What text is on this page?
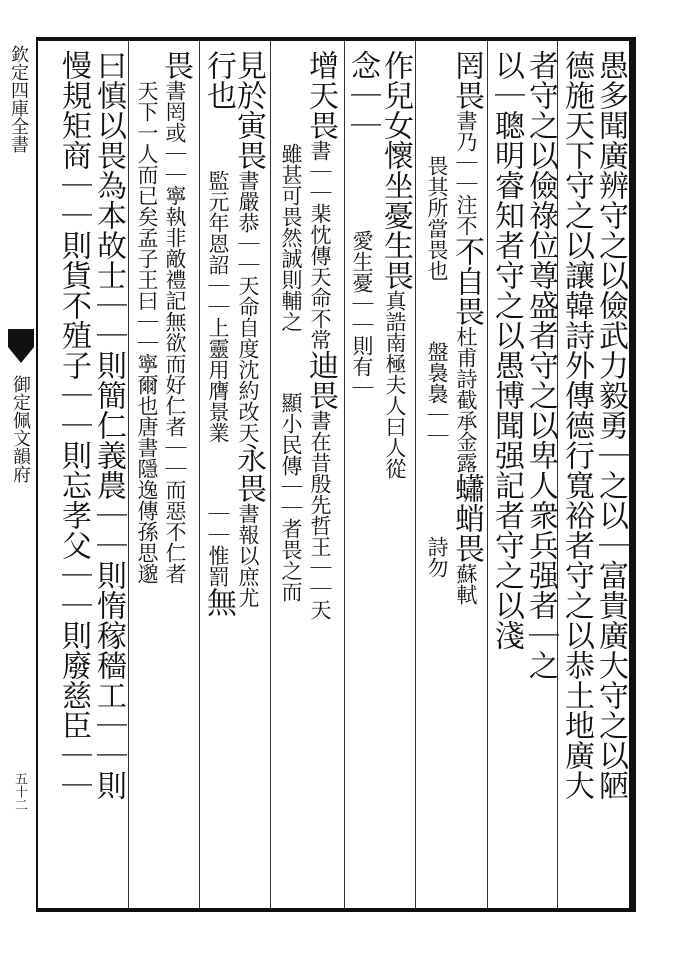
欽定四庫全書
御定佩文韻府
五十二
愚多聞廣辨守之以儉武力毅勇｜之以｜富貴廣大守之以陋
德施天下守之以讓韓詩外傳德行寬裕者守之以恭土地廣大
者守之以儉祿位尊盛者守之以卑人衆兵强者｜之
以｜聰明睿知者守之以愚博聞强記者守之以淺
罔畏書乃｜｜注不不自畏杜甫詩截承金露蠨蛸畏蘇軾
畏其所當畏也　　盤裊裊｜｜　　　詩勿
作兒女懷坐憂生畏真誥南極夫人曰人從
念｜｜　　　愛生憂｜｜則有｜
增天畏書｜｜棐忱傳天命不常迪畏書在昔殷先哲王｜｜天
雖甚可畏然誠則輔之　　顯小民傳｜｜者畏之而
見於寅畏書嚴恭｜｜天命自度沈約改天永畏書報以庶尤
行也　　監元年恩詔｜｜上靈用膺景業　　｜｜惟罰無
畏書罔或｜｜寧執非敵禮記無欲而好仁者｜｜而惡不仁者
　天下一人而已矣孟子王曰｜｜寧爾也唐書隱逸傳孫思邈
曰慎以畏為本故士｜｜則簡仁義農｜｜則惰稼穡工｜｜則
慢規矩商｜｜則貨不殖子｜｜則忘孝父｜｜則廢慈臣｜｜
